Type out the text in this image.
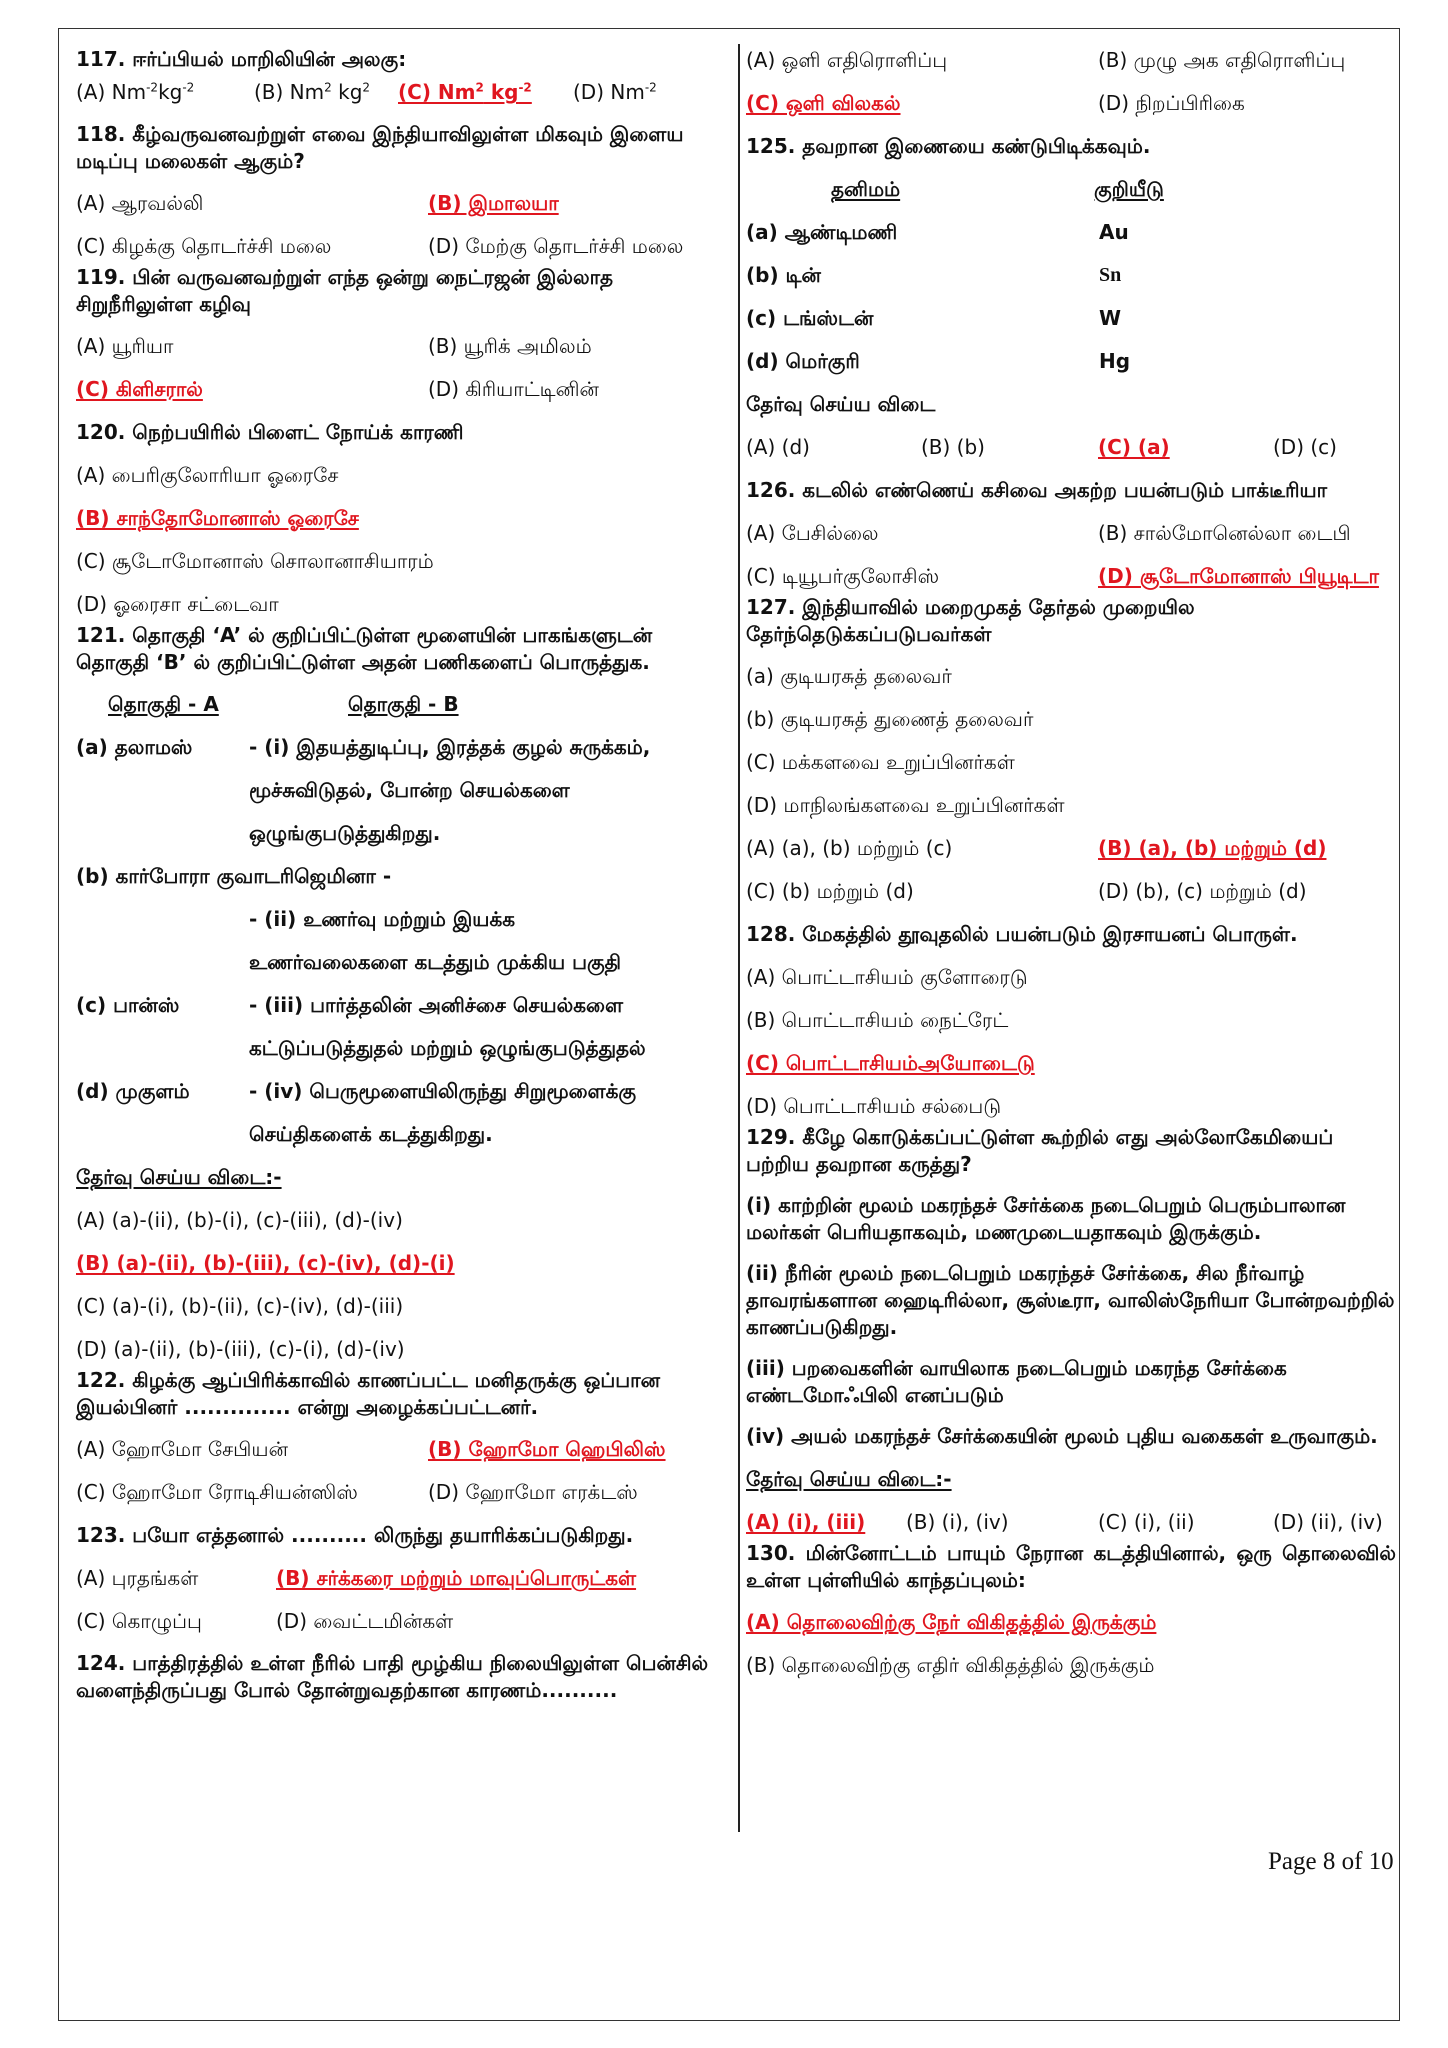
117. ஈர்ப்பியல் மாறிலியின் அலகு:
(A) $Nm^{-2}kg^{-2}$	(B) Nm$^2$ $kg^2$ (C) Nm$^2$ $kg^{-2}$ (D) $Nm^{-2}$
118. கீழ்வருவனவற்றுள் எவை இந்தியாவிலுள்ள மிகவும் இளைய மடிப்பு மலைகள் ஆகும்?
(A) ஆரவல்லி	(B) இமாலயா
(C) கிழக்கு தொடர்ச்சி மலை	(D) மேற்கு தொடர்ச்சி மலை
119. பின் வருவனவற்றுள் எந்த ஒன்று நைட்ரஜன் இல்லாத சிறுநீரிலுள்ள கழிவு
(A) யூரியா	(B) யூரிக் அமிலம்
(C) கிளிசரால்	(D) கிரியாட்டினின்
120. நெற்பயிரில் பிளைட் நோய்க் காரணி
(A) பைரிகுலோரியா ஓரைசே
(B) சாந்தோமோனாஸ் ஓரைசே
(C) சூடோமோனாஸ் சொலானாசியாரம்
(D) ஓரைசா சட்டைவா
121. தொகுதி ‘A’ ல் குறிப்பிட்டுள்ள மூளையின் பாகங்களுடன் தொகுதி ‘B’ ல் குறிப்பிட்டுள்ள அதன் பணிகளைப் பொருத்துக.
தொகுதி - A	தொகுதி - B
(a) தலாமஸ்	- (i) இதயத்துடிப்பு, இரத்தக் குழல் சுருக்கம்,
மூச்சுவிடுதல், போன்ற செயல்களை
ஒழுங்குபடுத்துகிறது.
(b) கார்போரா குவாடரிஜெமினா -
- (ii) உணர்வு மற்றும் இயக்க
உணர்வலைகளை கடத்தும் முக்கிய பகுதி
(c) பான்ஸ்	- (iii) பார்த்தலின் அனிச்சை செயல்களை
கட்டுப்படுத்துதல் மற்றும் ஒழுங்குபடுத்துதல்
(d) முகுளம்	- (iv) பெருமூளையிலிருந்து சிறுமூளைக்கு
செய்திகளைக் கடத்துகிறது.
தேர்வு செய்ய விடை:-
(A) (a)-(ii), (b)-(i), (c)-(iii), (d)-(iv)
(B) (a)-(ii), (b)-(iii), (c)-(iv), (d)-(i)
(C) (a)-(i), (b)-(ii), (c)-(iv), (d)-(iii)
(D) (a)-(ii), (b)-(iii), (c)-(i), (d)-(iv)
122. கிழக்கு ஆப்பிரிக்காவில் காணப்பட்ட மனிதருக்கு ஒப்பான இயல்பினர் .............. என்று அழைக்கப்பட்டனர்.
(A) ஹோமோ சேபியன்	(B) ஹோமோ ஹெபிலிஸ்
(C) ஹோமோ ரோடிசியன்ஸிஸ்	(D) ஹோமோ எரக்டஸ்
123. பயோ எத்தனால் .......... லிருந்து தயாரிக்கப்படுகிறது.
(A) புரதங்கள்	(B) சர்க்கரை மற்றும் மாவுப்பொருட்கள்
(C) கொழுப்பு	(D) வைட்டமின்கள்
124. பாத்திரத்தில் உள்ள நீரில் பாதி மூழ்கிய நிலையிலுள்ள பென்சில் வளைந்திருப்பது போல் தோன்றுவதற்கான காரணம்..........
(A) ஒளி எதிரொளிப்பு	(B) முழு அக எதிரொளிப்பு
(C) ஒளி விலகல்	(D) நிறப்பிரிகை
125. தவறான இணையை கண்டுபிடிக்கவும்.
தனிமம்	குறியீடு
(a) ஆண்டிமணி	Au
(b) டின்	Sn
(c) டங்ஸ்டன்	W
(d) மெர்குரி	Hg
தேர்வு செய்ய விடை
(A) (d)	(B) (b)	(C) (a)	(D) (c)
126. கடலில் எண்ணெய் கசிவை அகற்ற பயன்படும் பாக்டீரியா
(A) பேசில்லை	(B) சால்மோனெல்லா டைபி
(C) டியூபர்குலோசிஸ்	(D) சூடோமோனாஸ் பியூடிடா
127. இந்தியாவில் மறைமுகத் தேர்தல் முறையில தேர்ந்தெடுக்கப்படுபவர்கள்
(a) குடியரசுத் தலைவர்
(b) குடியரசுத் துணைத் தலைவர்
(C) மக்களவை உறுப்பினர்கள்
(D) மாநிலங்களவை உறுப்பினர்கள்
(A) (a), (b) மற்றும் (c)	(B) (a), (b) மற்றும் (d)
(C) (b) மற்றும் (d)	(D) (b), (c) மற்றும் (d)
128. மேகத்தில் தூவுதலில் பயன்படும் இரசாயனப் பொருள்.
(A) பொட்டாசியம் குளோரைடு
(B) பொட்டாசியம் நைட்ரேட்
(C) பொட்டாசியம்அயோடைடு
(D) பொட்டாசியம் சல்பைடு
129. கீழே கொடுக்கப்பட்டுள்ள கூற்றில் எது அல்லோகேமியைப் பற்றிய தவறான கருத்து?
(i) காற்றின் மூலம் மகரந்தச் சேர்க்கை நடைபெறும் பெரும்பாலான மலர்கள் பெரியதாகவும், மணமுடையதாகவும் இருக்கும்.
(ii) நீரின் மூலம் நடைபெறும் மகரந்தச் சேர்க்கை, சில நீர்வாழ் தாவரங்களான ஹைடிரில்லா, சூஸ்டீரா, வாலிஸ்நேரியா போன்றவற்றில் காணப்படுகிறது.
(iii) பறவைகளின் வாயிலாக நடைபெறும் மகரந்த சேர்க்கை எண்டமோஃபிலி எனப்படும்
(iv) அயல் மகரந்தச் சேர்க்கையின் மூலம் புதிய வகைகள் உருவாகும்.
தேர்வு செய்ய விடை:-
(A) (i), (iii) (B) (i), (iv)	(C) (i), (ii)	(D) (ii), (iv)
130. மின்னோட்டம் பாயும் நேரான கடத்தியினால், ஒரு தொலைவில் உள்ள புள்ளியில் காந்தப்புலம்:
(A) தொலைவிற்கு நேர் விகிதத்தில் இருக்கும்
(B) தொலைவிற்கு எதிர் விகிதத்தில் இருக்கும்
Page 8 of 10
